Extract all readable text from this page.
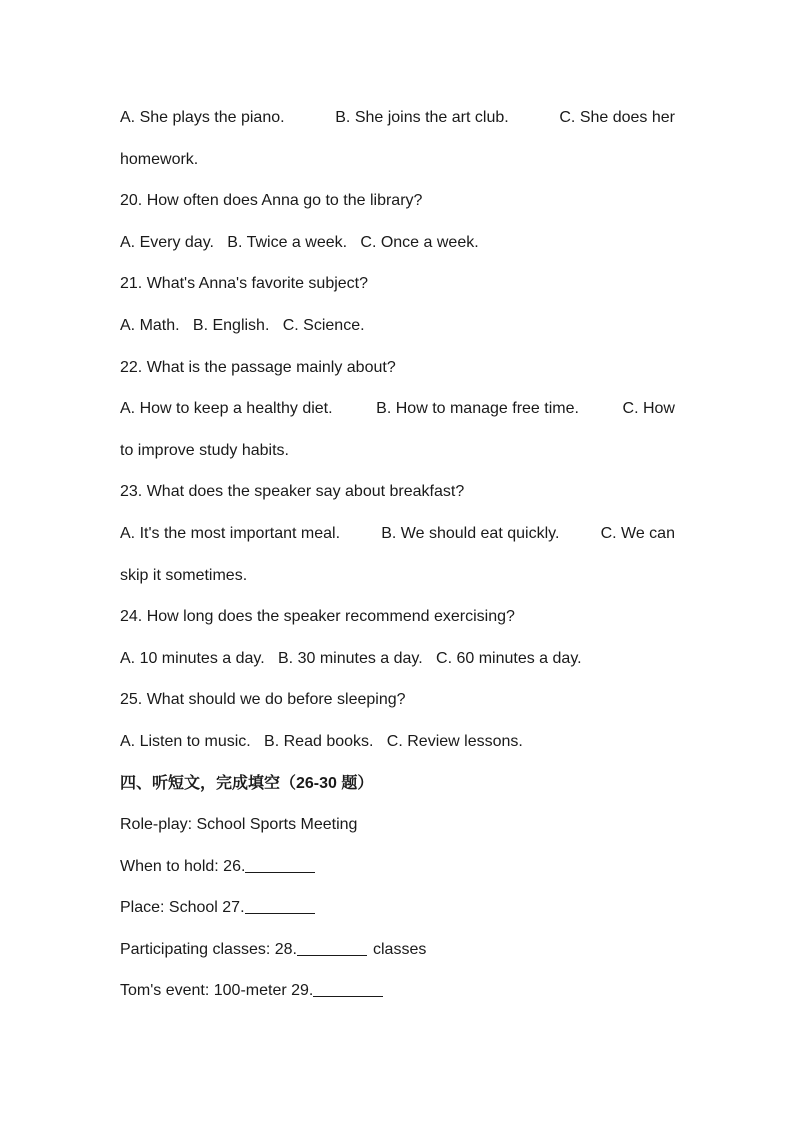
A. She plays the piano.	B. She joins the art club.	C. She does her
homework.
20. How often does Anna go to the library?
A. Every day.   B. Twice a week.   C. Once a week.
21. What's Anna's favorite subject?
A. Math.   B. English.   C. Science.
22. What is the passage mainly about?
A. How to keep a healthy diet.	B. How to manage free time.	C. How
to improve study habits.
23. What does the speaker say about breakfast?
A. It's the most important meal.	B. We should eat quickly.	C. We can
skip it sometimes.
24. How long does the speaker recommend exercising?
A. 10 minutes a day.   B. 30 minutes a day.   C. 60 minutes a day.
25. What should we do before sleeping?
A. Listen to music.   B. Read books.   C. Review lessons.
四、听短文，完成填空（26-30 题）
Role-play: School Sports Meeting
When to hold: 26.
Place: School 27.
Participating classes: 28.	classes
Tom's event: 100-meter 29.
